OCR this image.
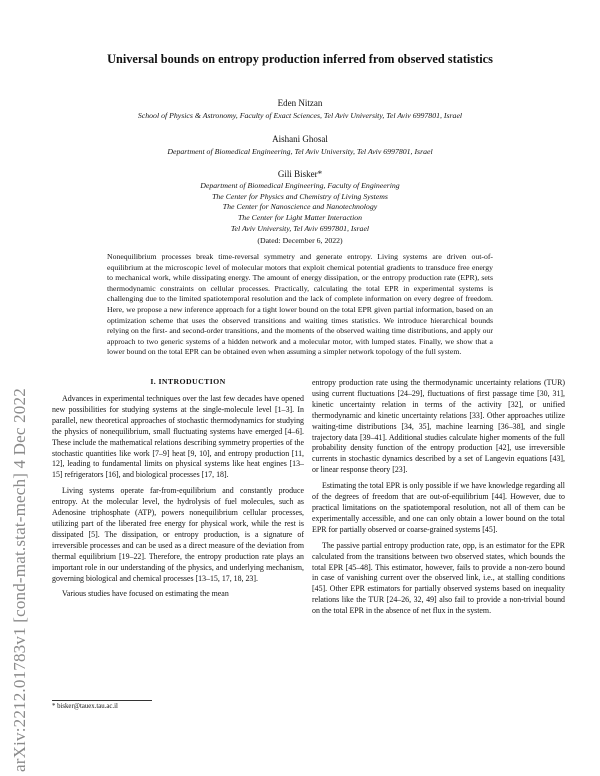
arXiv:2212.01783v1 [cond-mat.stat-mech] 4 Dec 2022
Universal bounds on entropy production inferred from observed statistics
Eden Nitzan
School of Physics & Astronomy, Faculty of Exact Sciences, Tel Aviv University, Tel Aviv 6997801, Israel
Aishani Ghosal
Department of Biomedical Engineering, Tel Aviv University, Tel Aviv 6997801, Israel
Gili Bisker*
Department of Biomedical Engineering, Faculty of Engineering
The Center for Physics and Chemistry of Living Systems
The Center for Nanoscience and Nanotechnology
The Center for Light Matter Interaction
Tel Aviv University, Tel Aviv 6997801, Israel
(Dated: December 6, 2022)

Nonequilibrium processes break time-reversal symmetry and generate entropy. Living systems are driven out-of-equilibrium at the microscopic level of molecular motors that exploit chemical potential gradients to transduce free energy to mechanical work, while dissipating energy. The amount of energy dissipation, or the entropy production rate (EPR), sets thermodynamic constraints on cellular processes. Practically, calculating the total EPR in experimental systems is challenging due to the limited spatiotemporal resolution and the lack of complete information on every degree of freedom. Here, we propose a new inference approach for a tight lower bound on the total EPR given partial information, based on an optimization scheme that uses the observed transitions and waiting times statistics. We introduce hierarchical bounds relying on the first- and second-order transitions, and the moments of the observed waiting time distributions, and apply our approach to two generic systems of a hidden network and a molecular motor, with lumped states. Finally, we show that a lower bound on the total EPR can be obtained even when assuming a simpler network topology of the full system.

I. INTRODUCTION

Advances in experimental techniques over the last few decades have opened new possibilities for studying systems at the single-molecule level [1–3]. In parallel, new theoretical approaches of stochastic thermodynamics for studying the physics of nonequilibrium, small fluctuating systems have emerged [4–6]. These include the mathematical relations describing symmetry properties of the stochastic quantities like work [7–9] heat [9, 10], and entropy production [11, 12], leading to fundamental limits on physical systems like heat engines [13–15] refrigerators [16], and biological processes [17, 18].

Living systems operate far-from-equilibrium and constantly produce entropy. At the molecular level, the hydrolysis of fuel molecules, such as Adenosine triphosphate (ATP), powers nonequilibrium cellular processes, utilizing part of the liberated free energy for physical work, while the rest is dissipated [5]. The dissipation, or entropy production, is a signature of irreversible processes and can be used as a direct measure of the deviation from thermal equilibrium [19–22]. Therefore, the entropy production rate plays an important role in our understanding of the physics, and underlying mechanism, governing biological and chemical processes [13–15, 17, 18, 23].

Various studies have focused on estimating the mean

entropy production rate using the thermodynamic uncertainty relations (TUR) using current fluctuations [24–29], fluctuations of first passage time [30, 31], kinetic uncertainty relation in terms of the activity [32], or unified thermodynamic and kinetic uncertainty relations [33]. Other approaches utilize waiting-time distributions [34, 35], machine learning [36–38], and single trajectory data [39–41]. Additional studies calculate higher moments of the full probability density function of the entropy production [42], use irreversible currents in stochastic dynamics described by a set of Langevin equations [43], or linear response theory [23].

Estimating the total EPR is only possible if we have knowledge regarding all of the degrees of freedom that are out-of-equilibrium [44]. However, due to practical limitations on the spatiotemporal resolution, not all of them can be experimentally accessible, and one can only obtain a lower bound on the total EPR for partially observed or coarse-grained systems [45].

The passive partial entropy production rate, σpp, is an estimator for the EPR calculated from the transitions between two observed states, which bounds the total EPR [45–48]. This estimator, however, fails to provide a non-zero bound in case of vanishing current over the observed link, i.e., at stalling conditions [45]. Other EPR estimators for partially observed systems based on inequality relations like the TUR [24–26, 32, 49] also fail to provide a non-trivial bound on the total EPR in the absence of net flux in the system.

* bisker@tauex.tau.ac.il
